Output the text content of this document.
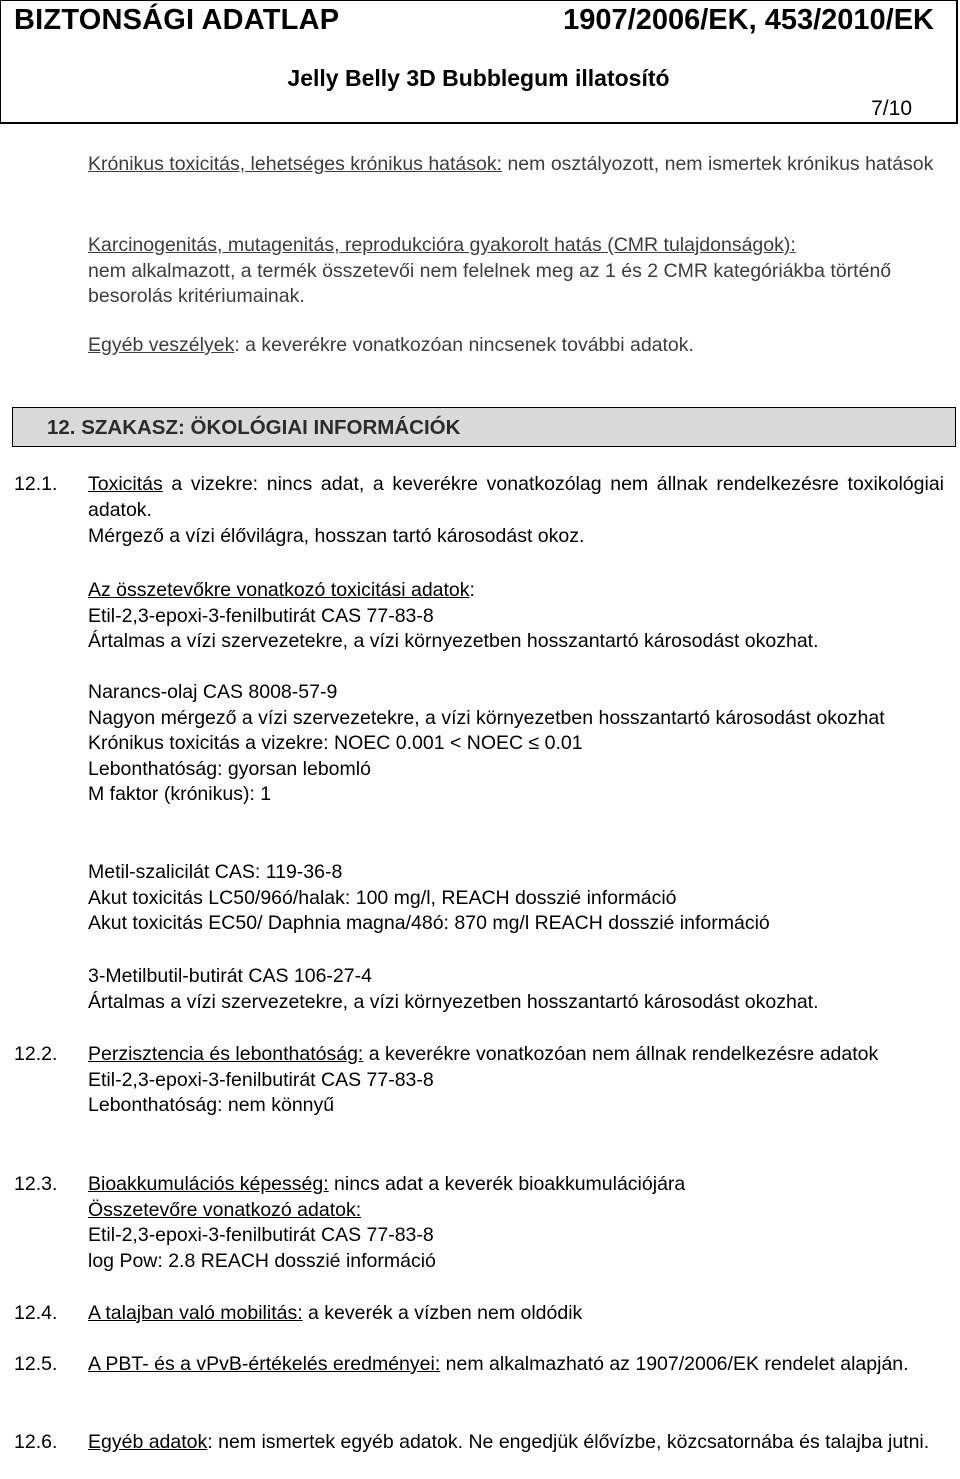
BIZTONSÁGI ADATLAP	1907/2006/EK, 453/2010/EK
Jelly Belly 3D Bubblegum illatosító
7/10
Krónikus toxicitás, lehetséges krónikus hatások: nem osztályozott, nem ismertek krónikus hatások
Karcinogenitás, mutagenitás, reprodukcióra gyakorolt hatás (CMR tulajdonságok):
nem alkalmazott, a termék összetevői nem felelnek meg az 1 és 2 CMR kategóriákba történő besorolás kritériumainak.
Egyéb veszélyek: a keverékre vonatkozóan nincsenek további adatok.
12. SZAKASZ: ÖKOLÓGIAI INFORMÁCIÓK
12.1. Toxicitás a vizekre: nincs adat, a keverékre vonatkozólag nem állnak rendelkezésre toxikológiai adatok.
Mérgező a vízi élővilágra, hosszan tartó károsodást okoz.
Az összetevőkre vonatkozó toxicitási adatok:
Etil-2,3-epoxi-3-fenilbutirát CAS 77-83-8
Ártalmas a vízi szervezetekre, a vízi környezetben hosszantartó károsodást okozhat.
Narancs-olaj CAS 8008-57-9
Nagyon mérgező a vízi szervezetekre, a vízi környezetben hosszantartó károsodást okozhat
Krónikus toxicitás a vizekre: NOEC 0.001 < NOEC ≤ 0.01
Lebonthatóság: gyorsan lebomló
M faktor (krónikus): 1
Metil-szalicilát CAS: 119-36-8
Akut toxicitás LC50/96ó/halak: 100 mg/l, REACH dosszié információ
Akut toxicitás EC50/ Daphnia magna/48ó: 870 mg/l REACH dosszié információ
3-Metilbutil-butirát CAS 106-27-4
Ártalmas a vízi szervezetekre, a vízi környezetben hosszantartó károsodást okozhat.
12.2. Perzisztencia és lebonthatóság: a keverékre vonatkozóan nem állnak rendelkezésre adatok
Etil-2,3-epoxi-3-fenilbutirát CAS 77-83-8
Lebonthatóság: nem könnyű
12.3. Bioakkumulációs képesség: nincs adat a keverék bioakkumulációjára
Összetevőre vonatkozó adatok:
Etil-2,3-epoxi-3-fenilbutirát CAS 77-83-8
log Pow: 2.8 REACH dosszié információ
12.4. A talajban való mobilitás: a keverék a vízben nem oldódik
12.5. A PBT- és a vPvB-értékelés eredményei: nem alkalmazható az 1907/2006/EK rendelet alapján.
12.6. Egyéb adatok: nem ismertek egyéb adatok. Ne engedjük élővízbe, közcsatornába és talajba jutni.
